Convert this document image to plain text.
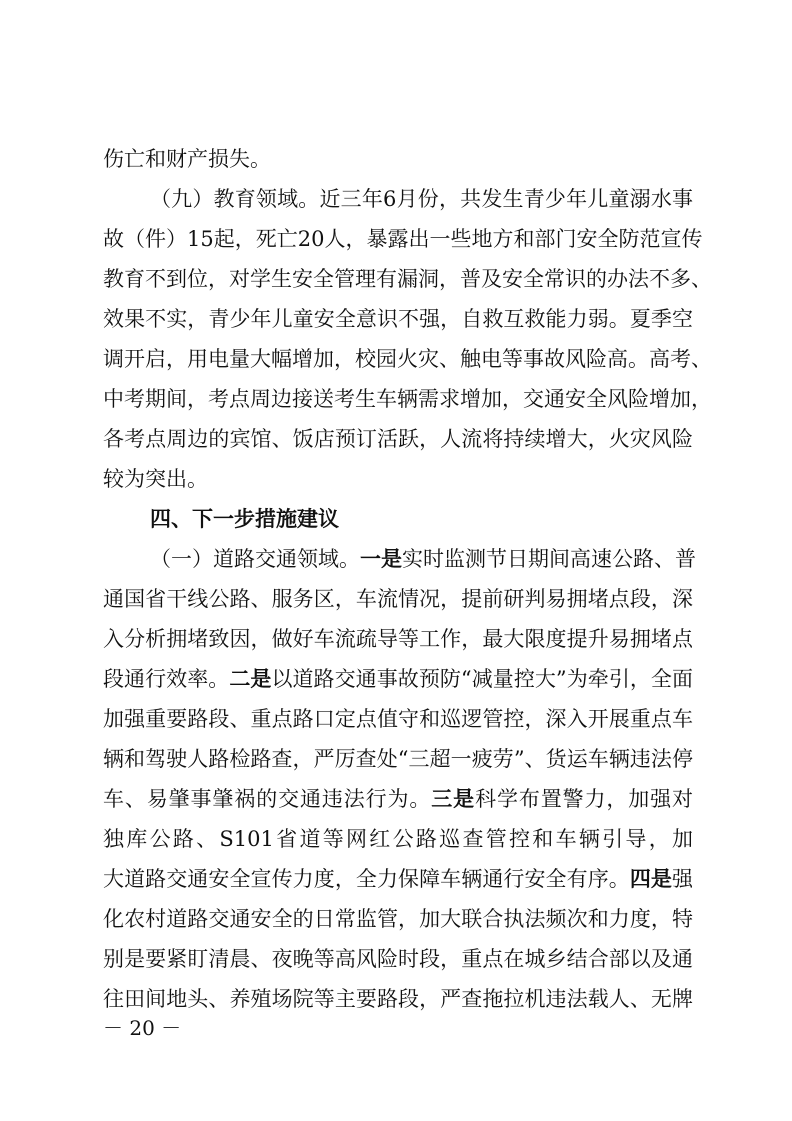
伤亡和财产损失。
（九）教育领域。近三年6月份，共发生青少年儿童溺水事
故（件）15起，死亡20人，暴露出一些地方和部门安全防范宣传
教育不到位，对学生安全管理有漏洞，普及安全常识的办法不多、
效果不实，青少年儿童安全意识不强，自救互救能力弱。夏季空
调开启，用电量大幅增加，校园火灾、触电等事故风险高。高考、
中考期间，考点周边接送考生车辆需求增加，交通安全风险增加，
各考点周边的宾馆、饭店预订活跃，人流将持续增大，火灾风险
较为突出。
四、下一步措施建议
（一）道路交通领域。一是实时监测节日期间高速公路、普
通国省干线公路、服务区，车流情况，提前研判易拥堵点段，深
入分析拥堵致因，做好车流疏导等工作，最大限度提升易拥堵点
段通行效率。二是以道路交通事故预防“减量控大”为牵引，全面
加强重要路段、重点路口定点值守和巡逻管控，深入开展重点车
辆和驾驶人路检路查，严厉查处“三超一疲劳”、货运车辆违法停
车、易肇事肇祸的交通违法行为。三是科学布置警力，加强对
独库公路、S101省道等网红公路巡查管控和车辆引导，加
大道路交通安全宣传力度，全力保障车辆通行安全有序。四是强
化农村道路交通安全的日常监管，加大联合执法频次和力度，特
别是要紧盯清晨、夜晚等高风险时段，重点在城乡结合部以及通
往田间地头、养殖场院等主要路段，严查拖拉机违法载人、无牌
－ 20 －
